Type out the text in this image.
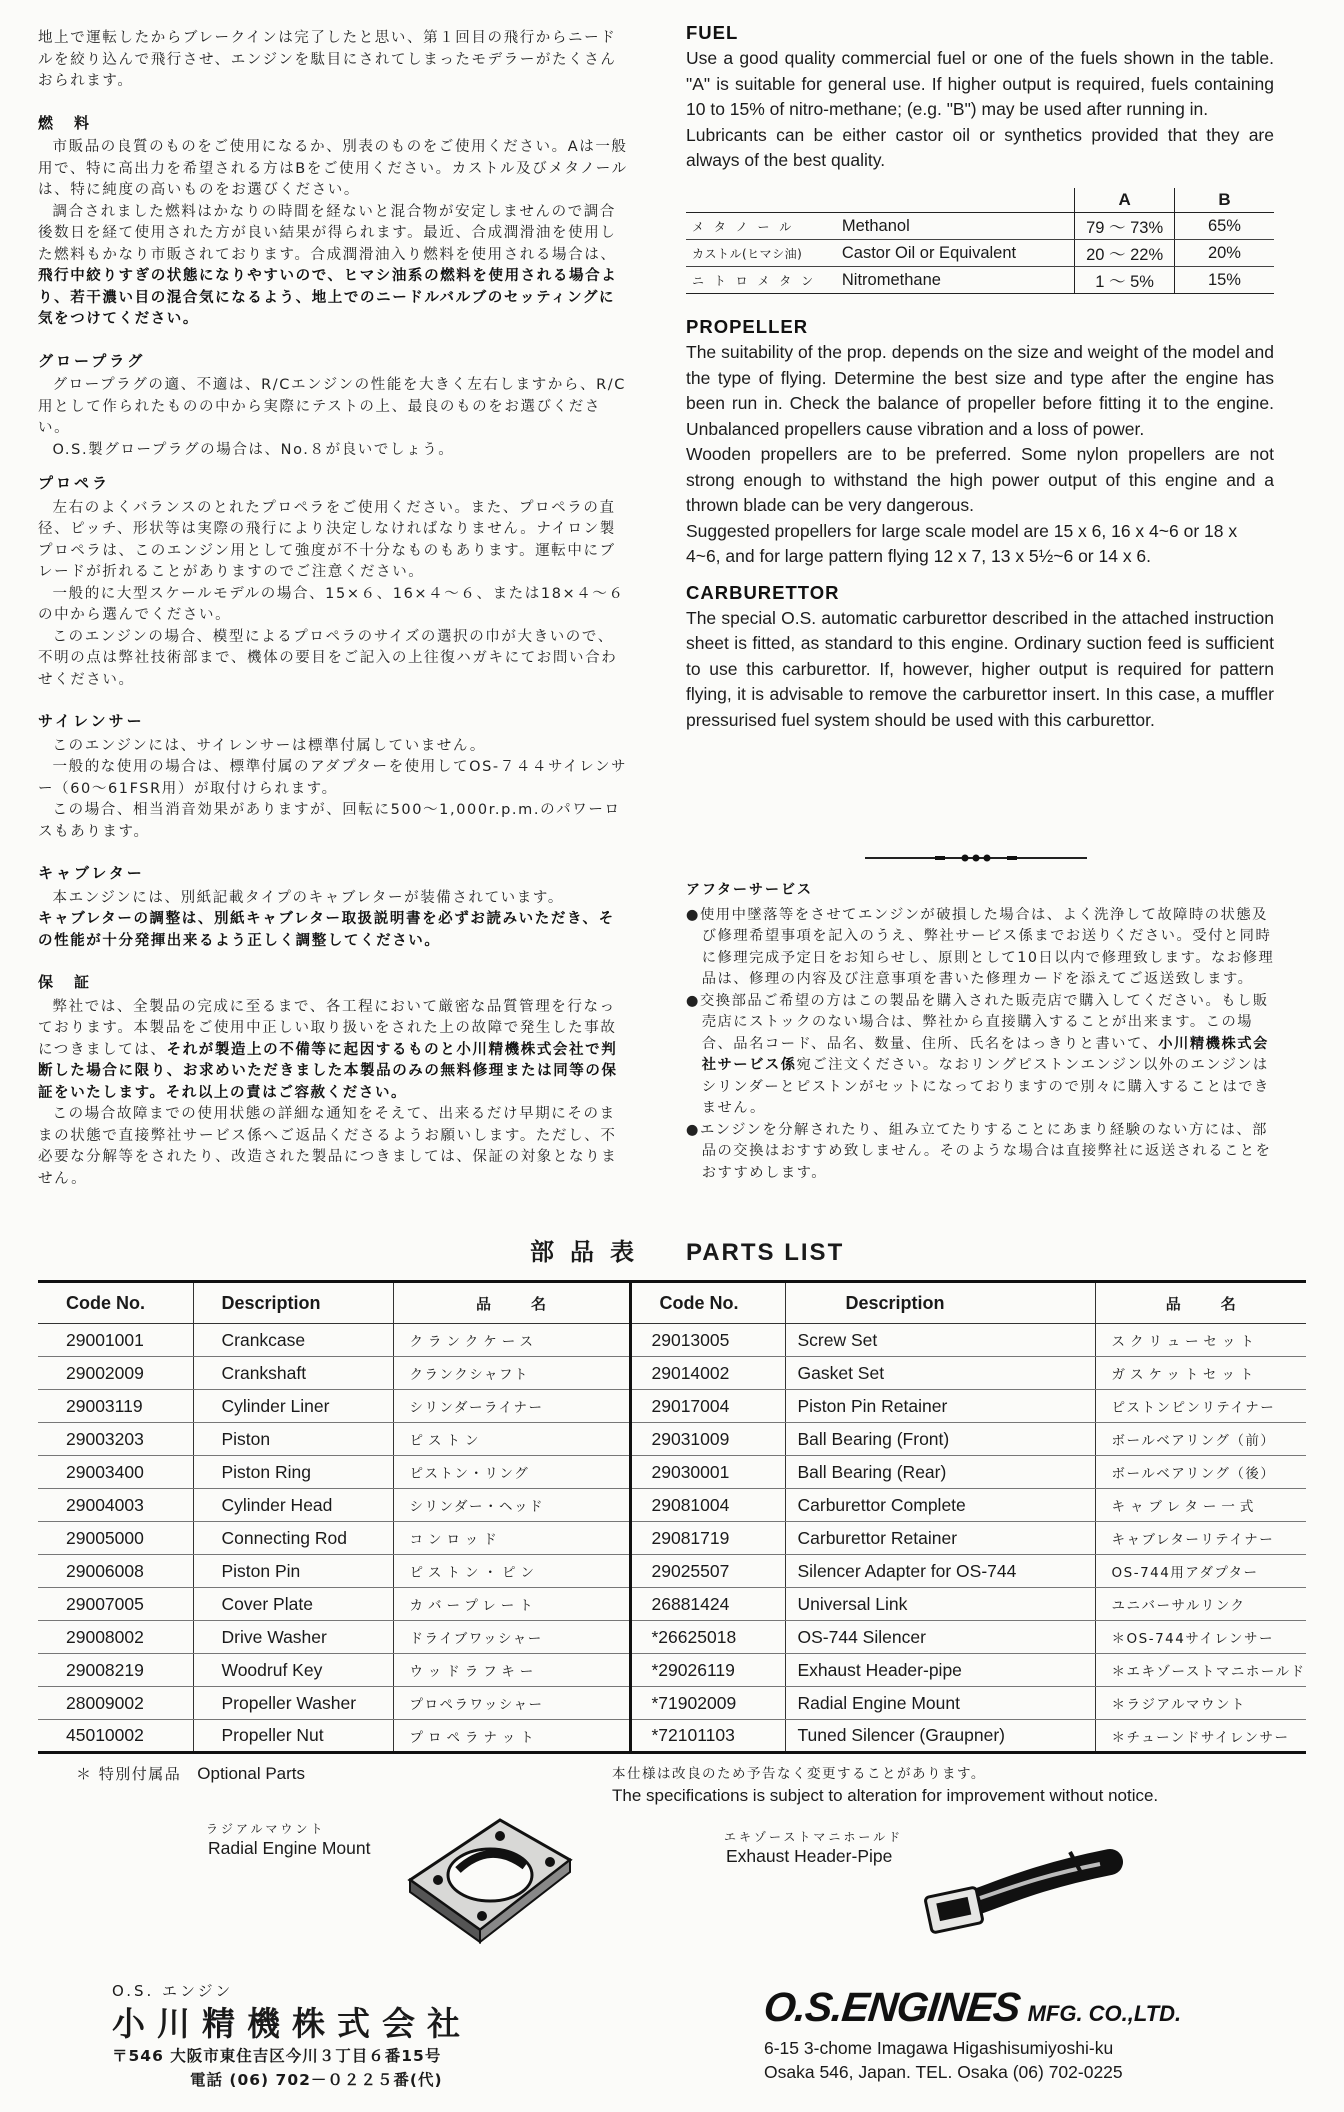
地上で運転したからブレークインは完了したと思い、第１回目の飛行からニードルを絞り込んで飛行させ、エンジンを駄目にされてしまったモデラーがたくさんおられます。

燃　料

市販品の良質のものをご使用になるか、別表のものをご使用ください。Aは一般用で、特に高出力を希望される方はBをご使用ください。カストル及びメタノールは、特に純度の高いものをお選びください。

調合されました燃料はかなりの時間を経ないと混合物が安定しませんので調合後数日を経て使用された方が良い結果が得られます。最近、合成潤滑油を使用した燃料もかなり市販されております。合成潤滑油入り燃料を使用される場合は、飛行中絞りすぎの状態になりやすいので、ヒマシ油系の燃料を使用される場合より、若干濃い目の混合気になるよう、地上でのニードルバルブのセッティングに気をつけてください。

グロープラグ

グロープラグの適、不適は、R/Cエンジンの性能を大きく左右しますから、R/C用として作られたものの中から実際にテストの上、最良のものをお選びください。

O.S.製グロープラグの場合は、No.８が良いでしょう。

プロペラ

左右のよくバランスのとれたプロペラをご使用ください。また、プロペラの直径、ピッチ、形状等は実際の飛行により決定しなければなりません。ナイロン製プロペラは、このエンジン用として強度が不十分なものもあります。運転中にブレードが折れることがありますのでご注意ください。

一般的に大型スケールモデルの場合、15×６、16×４～６、または18×４～６の中から選んでください。

このエンジンの場合、模型によるプロペラのサイズの選択の巾が大きいので、不明の点は弊社技術部まで、機体の要目をご記入の上往復ハガキにてお問い合わせください。

サイレンサー

このエンジンには、サイレンサーは標準付属していません。

一般的な使用の場合は、標準付属のアダプターを使用してOS-７４４サイレンサー（60～61FSR用）が取付けられます。

この場合、相当消音効果がありますが、回転に500～1,000r.p.m.のパワーロスもあります。

キャブレター

本エンジンには、別紙記載タイプのキャブレターが装備されています。
キャブレターの調整は、別紙キャブレター取扱説明書を必ずお読みいただき、その性能が十分発揮出来るよう正しく調整してください。

保　証

弊社では、全製品の完成に至るまで、各工程において厳密な品質管理を行なっております。本製品をご使用中正しい取り扱いをされた上の故障で発生した事故につきましては、それが製造上の不備等に起因するものと小川精機株式会社で判断した場合に限り、お求めいただきました本製品のみの無料修理または同等の保証をいたします。それ以上の責はご容赦ください。

この場合故障までの使用状態の詳細な通知をそえて、出来るだけ早期にそのままの状態で直接弊社サービス係へご返品くださるようお願いします。ただし、不必要な分解等をされたり、改造された製品につきましては、保証の対象となりません。

FUEL

Use a good quality commercial fuel or one of the fuels shown in the table. "A" is suitable for general use. If higher output is required, fuels containing 10 to 15% of nitro-methane; (e.g. "B") may be used after running in.

Lubricants can be either castor oil or synthetics provided that they are always of the best quality.

		A	B
メ タ ノ ー ル	Methanol	79 ～ 73%	65%
カストル(ヒマシ油)	Castor Oil or Equivalent	20 ～ 22%	20%
ニ ト ロ メ タ ン	Nitromethane	1 ～ 5%	15%
PROPELLER

The suitability of the prop. depends on the size and weight of the model and the type of flying. Determine the best size and type after the engine has been run in. Check the balance of propeller before fitting it to the engine. Unbalanced propellers cause vibration and a loss of power.

Wooden propellers are to be preferred. Some nylon propellers are not strong enough to withstand the high power output of this engine and a thrown blade can be very dangerous.

Suggested propellers for large scale model are 15 x 6, 16 x 4~6 or 18 x 4~6, and for large pattern flying 12 x 7, 13 x 5½~6 or 14 x 6.

CARBURETTOR

The special O.S. automatic carburettor described in the attached instruction sheet is fitted, as standard to this engine. Ordinary suction feed is sufficient to use this carburettor. If, however, higher output is required for pattern flying, it is advisable to remove the carburettor insert. In this case, a muffler pressurised fuel system should be used with this carburettor.

アフターサービス

●使用中墜落等をさせてエンジンが破損した場合は、よく洗浄して故障時の状態及び修理希望事項を記入のうえ、弊社サービス係までお送りください。受付と同時に修理完成予定日をお知らせし、原則として10日以内で修理致します。なお修理品は、修理の内容及び注意事項を書いた修理カードを添えてご返送致します。

●交換部品ご希望の方はこの製品を購入された販売店で購入してください。もし販売店にストックのない場合は、弊社から直接購入することが出来ます。この場合、品名コード、品名、数量、住所、氏名をはっきりと書いて、小川精機株式会社サービス係宛ご注文ください。なおリングピストンエンジン以外のエンジンはシリンダーとピストンがセットになっておりますので別々に購入することはできません。

●エンジンを分解されたり、組み立てたりすることにあまり経験のない方には、部品の交換はおすすめ致しません。そのような場合は直接弊社に返送されることをおすすめします。

部品表 PARTS LIST
Code No.	Description	品名	Code No.	Description	品名
29001001	Crankcase	クランクケース	29013005	Screw Set	スクリューセット
29002009	Crankshaft	クランクシャフト	29014002	Gasket Set	ガスケットセット
29003119	Cylinder Liner	シリンダーライナー	29017004	Piston Pin Retainer	ピストンピンリテイナー
29003203	Piston	ピストン	29031009	Ball Bearing (Front)	ボールベアリング（前）
29003400	Piston Ring	ピストン・リング	29030001	Ball Bearing (Rear)	ボールベアリング（後）
29004003	Cylinder Head	シリンダー・ヘッド	29081004	Carburettor Complete	キャブレター一式
29005000	Connecting Rod	コンロッド	29081719	Carburettor Retainer	キャブレターリテイナー
29006008	Piston Pin	ピストン・ピン	29025507	Silencer Adapter for OS-744	OS-744用アダプター
29007005	Cover Plate	カバープレート	26881424	Universal Link	ユニバーサルリンク
29008002	Drive Washer	ドライブワッシャー	*26625018	OS-744 Silencer	＊OS-744サイレンサー
29008219	Woodruf Key	ウッドラフキー	*29026119	Exhaust Header-pipe	＊エキゾーストマニホールド
28009002	Propeller Washer	プロペラワッシャー	*71902009	Radial Engine Mount	＊ラジアルマウント
45010002	Propeller Nut	プロペラナット	*72101103	Tuned Silencer (Graupner)	＊チューンドサイレンサー
＊ 特別付属品 Optional Parts	本仕様は改良のため予告なく変更することがあります。
The specifications is subject to alteration for improvement without notice.
ラジアルマウント
Radial Engine Mount
エキゾーストマニホールド
Exhaust Header-Pipe
O.S. エンジン
小川精機株式会社
〒546 大阪市東住吉区今川３丁目６番15号
電話 (06) 702－０２２５番(代)
O.S.ENGINES MFG. CO.,LTD.
6-15 3-chome Imagawa Higashisumiyoshi-ku
Osaka 546, Japan. TEL. Osaka (06) 702-0225
